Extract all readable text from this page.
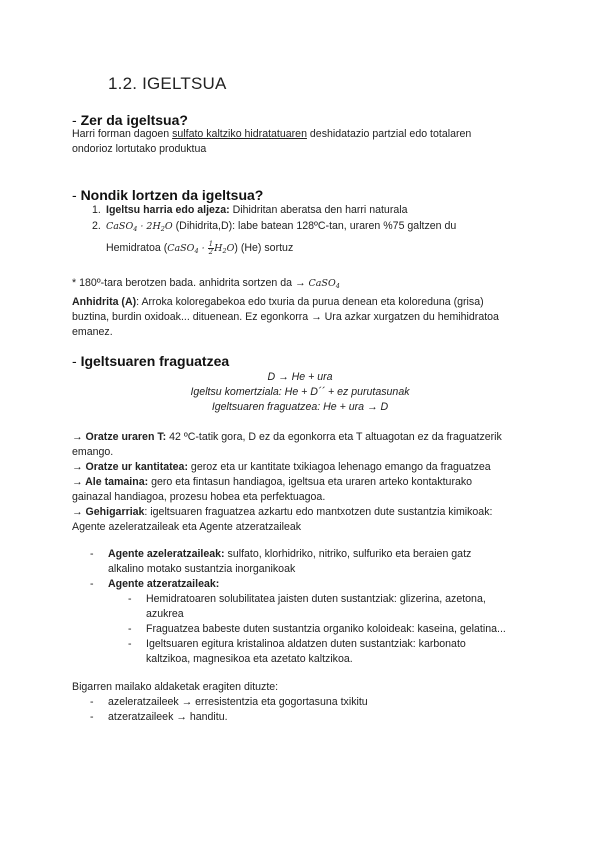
1.2. IGELTSUA
- Zer da igeltsua?
Harri forman dagoen sulfato kaltziko hidratatuaren deshidatazio partzial edo totalaren
ondorioz lortutako produktua
- Nondik lortzen da igeltsua?
1. Igeltsu harria edo aljeza: Dihidritan aberatsa den harri naturala
2. CaSO$_4$ · $2H_2O$ (Dihidrita,D): labe batean 128ºC-tan, uraren %75 galtzen du
Hemidratoa (CaSO$_4$ · $\frac{1}{2} H_2O$) (He) sortuz
* 180º-tara berotzen bada. anhidrita sortzen da → CaSO$_4$
Anhidrita (A): Arroka koloregabekoa edo txuria da purua denean eta koloreduna (grisa)
buztina, burdin oxidoak... dituenean. Ez egonkorra → Ura azkar xurgatzen du hemihidratoa
emanez.
- Igeltsuaren fraguatzea
D → He + ura
Igeltsu komertziala: He + D´´ + ez purutasunak
Igeltsuaren fraguatzea: He + ura → D
→ Oratze uraren T: 42 ºC-tatik gora, D ez da egonkorra eta T altuagotan ez da fraguatzerik
emango.
→ Oratze ur kantitatea: geroz eta ur kantitate txikiagoa lehenago emango da fraguatzea
→ Ale tamaina: gero eta fintasun handiagoa, igeltsua eta uraren arteko kontakturako
gainazal handiagoa, prozesu hobea eta perfektuagoa.
→ Gehigarriak: igeltsuaren fraguatzea azkartu edo mantxotzen dute sustantzia kimikoak:
Agente azeleratzaileak eta Agente atzeratzaileak
- Agente azeleratzaileak: sulfato, klorhidriko, nitriko, sulfuriko eta beraien gatz
alkalino motako sustantzia inorganikoak
- Agente atzeratzaileak:
- Hemidratoaren solubilitatea jaisten duten sustantziak: glizerina, azetona,
azukrea
- Fraguatzea babeste duten sustantzia organiko koloideak: kaseina, gelatina...
- Igeltsuaren egitura kristalinoa aldatzen duten sustantziak: karbonato
kaltzikoa, magnesikoa eta azetato kaltzikoa.
Bigarren mailako aldaketak eragiten dituzte:
- azeleratzaileek → erresistentzia eta gogortasuna txikitu
- atzeratzaileek → handitu.
